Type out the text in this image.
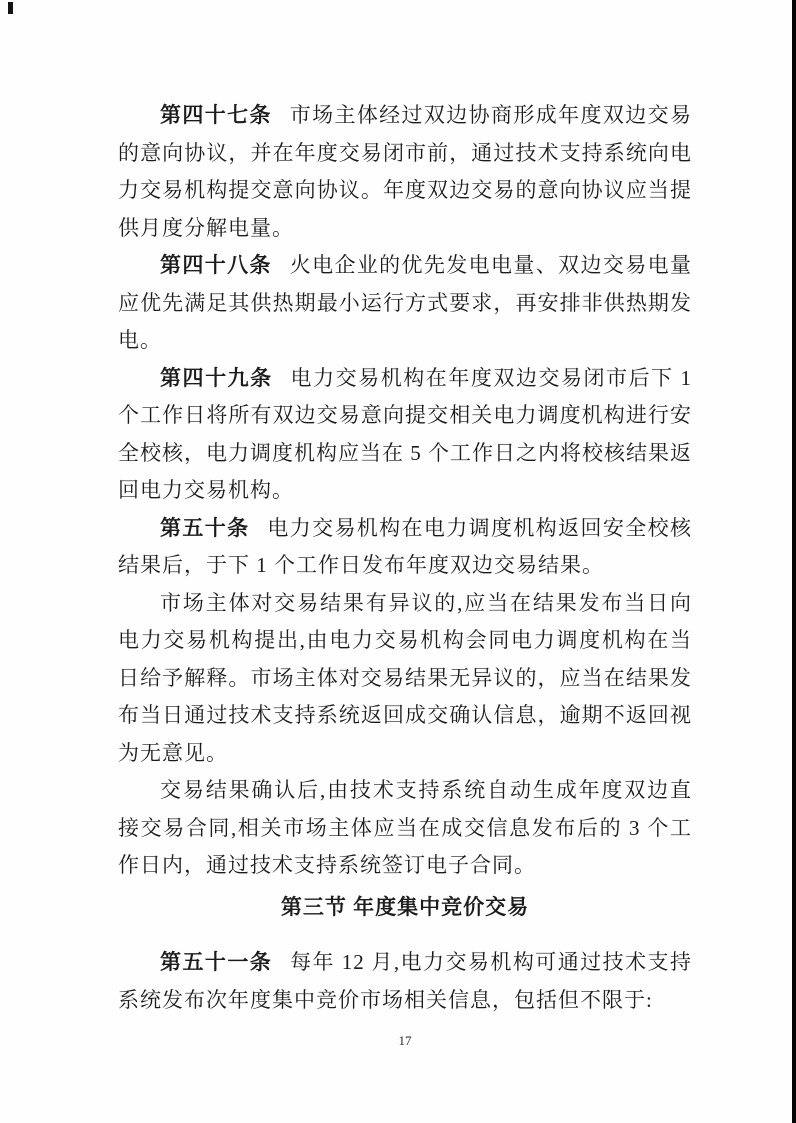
第四十七条 市场主体经过双边协商形成年度双边交易的意向协议，并在年度交易闭市前，通过技术支持系统向电力交易机构提交意向协议。年度双边交易的意向协议应当提供月度分解电量。

第四十八条 火电企业的优先发电电量、双边交易电量应优先满足其供热期最小运行方式要求，再安排非供热期发电。

第四十九条 电力交易机构在年度双边交易闭市后下 1 个工作日将所有双边交易意向提交相关电力调度机构进行安全校核，电力调度机构应当在 5 个工作日之内将校核结果返回电力交易机构。

第五十条 电力交易机构在电力调度机构返回安全校核结果后，于下 1 个工作日发布年度双边交易结果。

市场主体对交易结果有异议的,应当在结果发布当日向电力交易机构提出,由电力交易机构会同电力调度机构在当日给予解释。市场主体对交易结果无异议的，应当在结果发布当日通过技术支持系统返回成交确认信息，逾期不返回视为无意见。

交易结果确认后,由技术支持系统自动生成年度双边直接交易合同,相关市场主体应当在成交信息发布后的 3 个工作日内，通过技术支持系统签订电子合同。

第三节 年度集中竞价交易

第五十一条 每年 12 月,电力交易机构可通过技术支持系统发布次年度集中竞价市场相关信息，包括但不限于:

17
